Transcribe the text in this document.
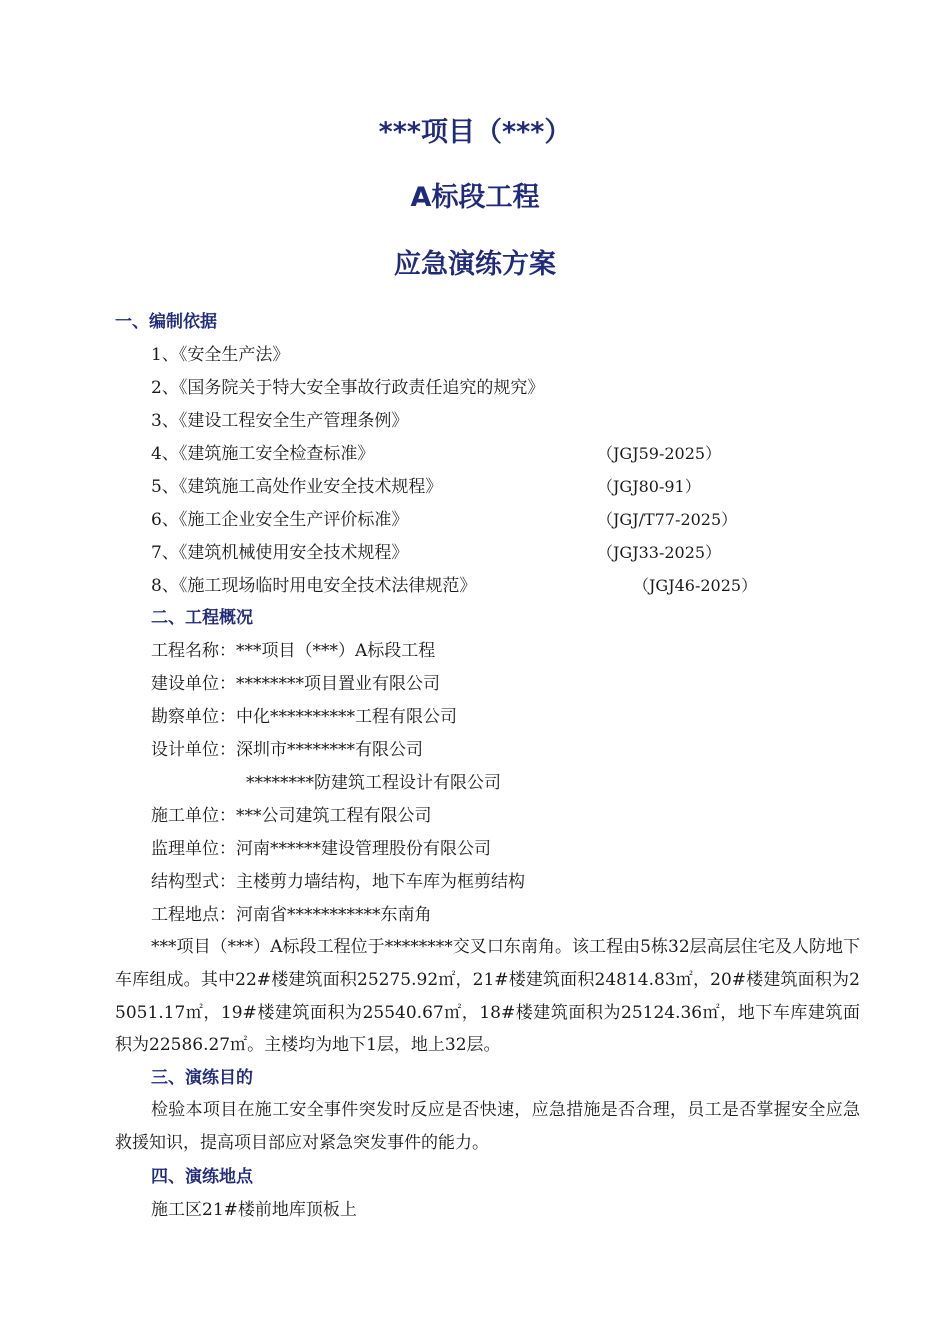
***项目（***）
A标段工程
应急演练方案
一、编制依据
1、《安全生产法》
2、《国务院关于特大安全事故行政责任追究的规究》
3、《建设工程安全生产管理条例》
4、《建筑施工安全检查标准》	（JGJ59-2025）
5、《建筑施工高处作业安全技术规程》	（JGJ80-91）
6、《施工企业安全生产评价标准》	（JGJ/T77-2025）
7、《建筑机械使用安全技术规程》	（JGJ33-2025）
8、《施工现场临时用电安全技术法律规范》	（JGJ46-2025）
二、工程概况
工程名称：***项目（***）A标段工程
建设单位：********项目置业有限公司
勘察单位：中化**********工程有限公司
设计单位：深圳市********有限公司
********防建筑工程设计有限公司
施工单位：***公司建筑工程有限公司
监理单位：河南******建设管理股份有限公司
结构型式：主楼剪力墙结构，地下车库为框剪结构
工程地点：河南省***********东南角
***项目（***）A标段工程位于********交叉口东南角。该工程由5栋32层高层住宅及人防地下车库组成。其中22#楼建筑面积25275.92㎡，21#楼建筑面积24814.83㎡，20#楼建筑面积为25051.17㎡，19#楼建筑面积为25540.67㎡，18#楼建筑面积为25124.36㎡，地下车库建筑面积为22586.27㎡。主楼均为地下1层，地上32层。
三、演练目的
检验本项目在施工安全事件突发时反应是否快速，应急措施是否合理，员工是否掌握安全应急救援知识，提高项目部应对紧急突发事件的能力。
四、演练地点
施工区21#楼前地库顶板上
